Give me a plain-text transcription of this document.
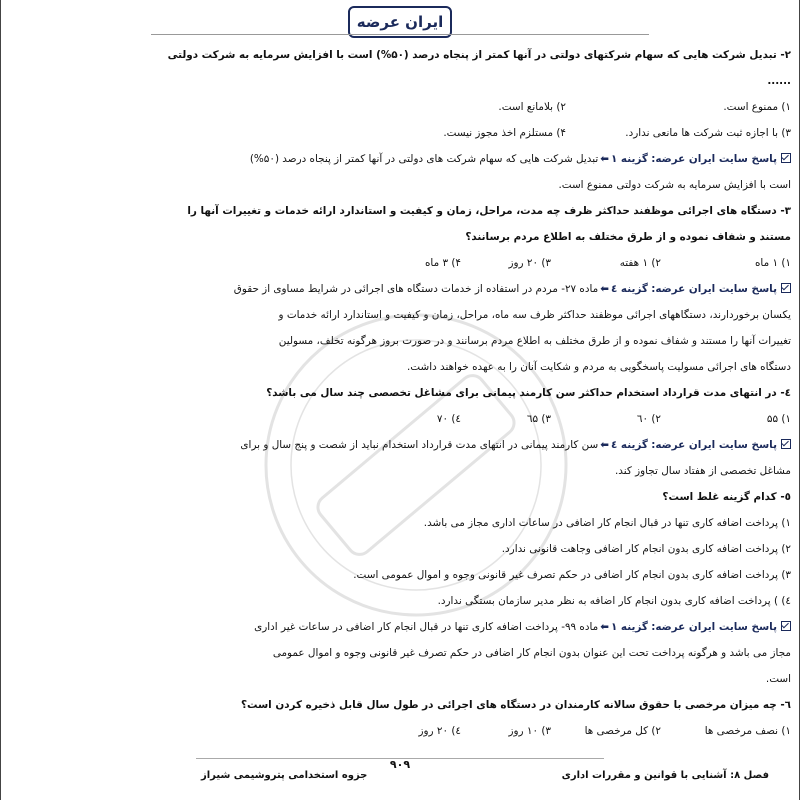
ایران عرضه
۲- تبدیل شرکت هایی که سهام شرکتهای دولتی در آنها کمتر از پنجاه درصد (۵۰%) است با افزایش سرمایه به شرکت دولتی
......
۱) ممنوع است.
۲) بلامانع است.
۳) با اجازه ثبت شرکت ها مانعی ندارد.
۴) مستلزم اخذ مجوز نیست.
پاسخ سایت ایران عرضه: گزینه ۱⬅تبدیل شرکت هایی که سهام شرکت های دولتی در آنها کمتر از پنجاه درصد (۵۰%)
است با افزایش سرمایه به شرکت دولتی ممنوع است.
۳- دستگاه های اجرائی موظفند حداکثر ظرف چه مدت، مراحل، زمان و کیفیت و استاندارد ارائه خدمات و تغییرات آنها را
مستند و شفاف نموده و از طرق مختلف به اطلاع مردم برسانند؟
۱) ۱ ماه
۲) ۱ هفته
۳) ۲۰ روز
۴) ۳ ماه
پاسخ سایت ایران عرضه: گزینه ٤⬅ماده ۲۷- مردم در استفاده از خدمات دستگاه های اجرائی در شرایط مساوی از حقوق
یکسان برخوردارند، دستگاههای اجرائی موظفند حداکثر ظرف سه ماه، مراحل، زمان و کیفیت و استاندارد ارائه خدمات و
تغییرات آنها را مستند و شفاف نموده و از طرق مختلف به اطلاع مردم برسانند و در صورت بروز هرگونه تخلف، مسولین
دستگاه های اجرائی مسولیت پاسخگویی به مردم و شکایت آنان را به عهده خواهند داشت.
٤- در انتهای مدت قرارداد استخدام حداکثر سن کارمند پیمانی برای مشاغل تخصصی چند سال می باشد؟
۱) ۵۵
۲) ٦۰
۳) ٦۵
٤) ۷۰
پاسخ سایت ایران عرضه: گزینه ٤⬅سن کارمند پیمانی در انتهای مدت قرارداد استخدام نباید از شصت و پنج سال و برای
مشاغل تخصصی از هفتاد سال تجاوز کند.
٥- کدام گزینه غلط است؟
۱) پرداخت اضافه کاری تنها در قبال انجام کار اضافی در ساعات اداری مجاز می باشد.
۲) پرداخت اضافه کاری بدون انجام کار اضافی وجاهت قانونی ندارد.
۳) پرداخت اضافه کاری بدون انجام کار اضافی در حکم تصرف غیر قانونی وجوه و اموال عمومی است.
٤) ) پرداخت اضافه کاری بدون انجام کار اضافه به نظر مدیر سازمان بستگی ندارد.
پاسخ سایت ایران عرضه: گزینه ۱⬅ماده ۹۹- پرداخت اضافه کاری تنها در قبال انجام کار اضافی در ساعات غیر اداری
مجاز می باشد و هرگونه پرداخت تحت این عنوان بدون انجام کار اضافی در حکم تصرف غیر قانونی وجوه و اموال عمومی
است.
٦- چه میزان مرخصی با حقوق سالانه کارمندان در دستگاه های اجرائی در طول سال قابل ذخیره کردن است؟
۱) نصف مرخصی ها
۲) کل مرخصی ها
۳) ۱۰ روز
٤) ۲۰ روز
۹۰۹
فصل ۸: آشنایی با قوانین و مقررات اداری
جزوه استخدامی پتروشیمی شیراز
